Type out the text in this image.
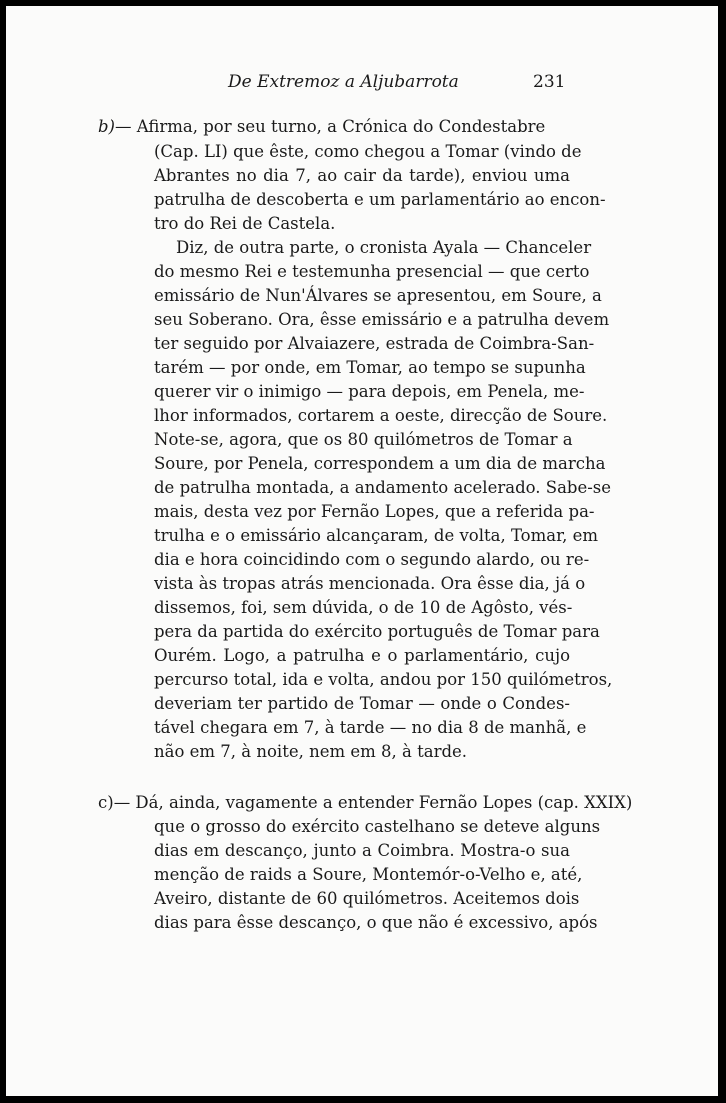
De Extremoz a Aljubarrota	231
b)— Afirma, por seu turno, a Crónica do Condestabre
(Cap. LI) que êste, como chegou a Tomar (vindo de
Abrantes no dia 7, ao cair da tarde), enviou uma
patrulha de descoberta e um parlamentário ao encon-
tro do Rei de Castela.
Diz, de outra parte, o cronista Ayala — Chanceler
do mesmo Rei e testemunha presencial — que certo
emissário de Nun'Álvares se apresentou, em Soure, a
seu Soberano. Ora, êsse emissário e a patrulha devem
ter seguido por Alvaiazere, estrada de Coimbra-San-
tarém — por onde, em Tomar, ao tempo se supunha
querer vir o inimigo — para depois, em Penela, me-
lhor informados, cortarem a oeste, direcção de Soure.
Note-se, agora, que os 80 quilómetros de Tomar a
Soure, por Penela, correspondem a um dia de marcha
de patrulha montada, a andamento acelerado. Sabe-se
mais, desta vez por Fernão Lopes, que a referida pa-
trulha e o emissário alcançaram, de volta, Tomar, em
dia e hora coincidindo com o segundo alardo, ou re-
vista às tropas atrás mencionada. Ora êsse dia, já o
dissemos, foi, sem dúvida, o de 10 de Agôsto, vés-
pera da partida do exército português de Tomar para
Ourém. Logo, a patrulha e o parlamentário, cujo
percurso total, ida e volta, andou por 150 quilómetros,
deveriam ter partido de Tomar — onde o Condes-
tável chegara em 7, à tarde — no dia 8 de manhã, e
não em 7, à noite, nem em 8, à tarde.
c)— Dá, ainda, vagamente a entender Fernão Lopes (cap. XXIX)
que o grosso do exército castelhano se deteve alguns
dias em descanço, junto a Coimbra. Mostra-o sua
menção de raids a Soure, Montemór-o-Velho e, até,
Aveiro, distante de 60 quilómetros. Aceitemos dois
dias para êsse descanço, o que não é excessivo, após
